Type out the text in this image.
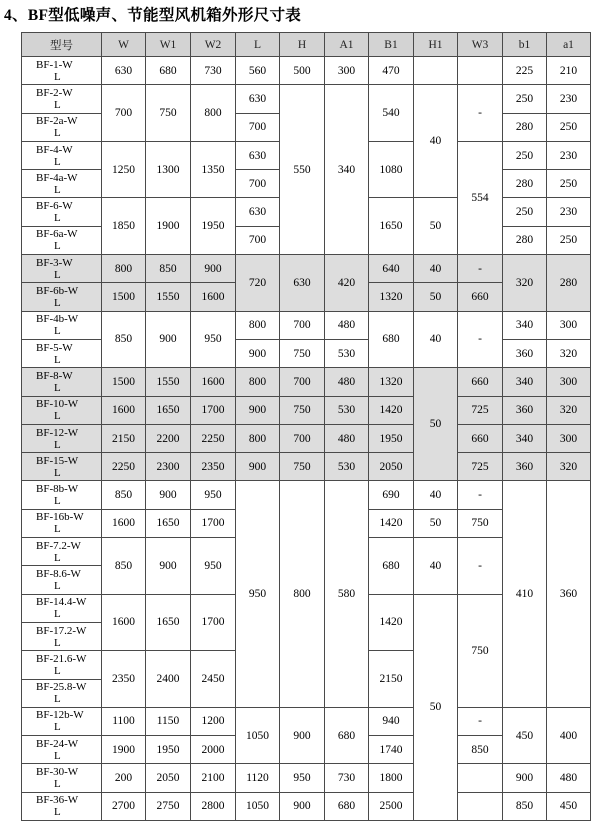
4、BF型低噪声、节能型风机箱外形尺寸表
型号	W	W1	W2	L	H	A1	B1	H1	W3	b1	a1	

BF-1-W
L	630	680	730	560	500	300	470			225	210	

BF-2-W
L	700	750	800	630	550	340	540	40	-	250	230	

BF-2a-W
L				700						280	250	

BF-4-W
L	1250	1300	1350	630			1080		554	250	230	

BF-4a-W
L				700						280	250	

BF-6-W
L	1850	1900	1950	630			1650	50		250	230	

BF-6a-W
L				700						280	250	

BF-3-W
L	800	850	900	720	630	420	640	40	-	320	280	

BF-6b-W
L	1500	1550	1600				1320	50	660			

BF-4b-W
L	850	900	950	800	700	480	680	40	-	340	300	

BF-5-W
L				900	750	530				360	320	

BF-8-W
L	1500	1550	1600	800	700	480	1320	50	660	340	300	

BF-10-W
L	1600	1650	1700	900	750	530	1420		725	360	320	

BF-12-W
L	2150	2200	2250	800	700	480	1950		660	340	300	

BF-15-W
L	2250	2300	2350	900	750	530	2050		725	360	320	

BF-8b-W
L	850	900	950	950	800	580	690	40	-	410	360	

BF-16b-W
L	1600	1650	1700				1420	50	750			

BF-7.2-W
L	850	900	950				680	40	-			

BF-8.6-W
L												

BF-14.4-W
L	1600	1650	1700				1420	50	750			

BF-17.2-W
L												

BF-21.6-W
L	2350	2400	2450				2150					

BF-25.8-W
L												

BF-12b-W
L	1100	1150	1200	1050	900	680	940		-	450	400	

BF-24-W
L	1900	1950	2000				1740		850			

BF-30-W
L	200	2050	2100	1120	950	730	1800			900	480	

BF-36-W
L	2700	2750	2800	1050	900	680	2500			850	450	
